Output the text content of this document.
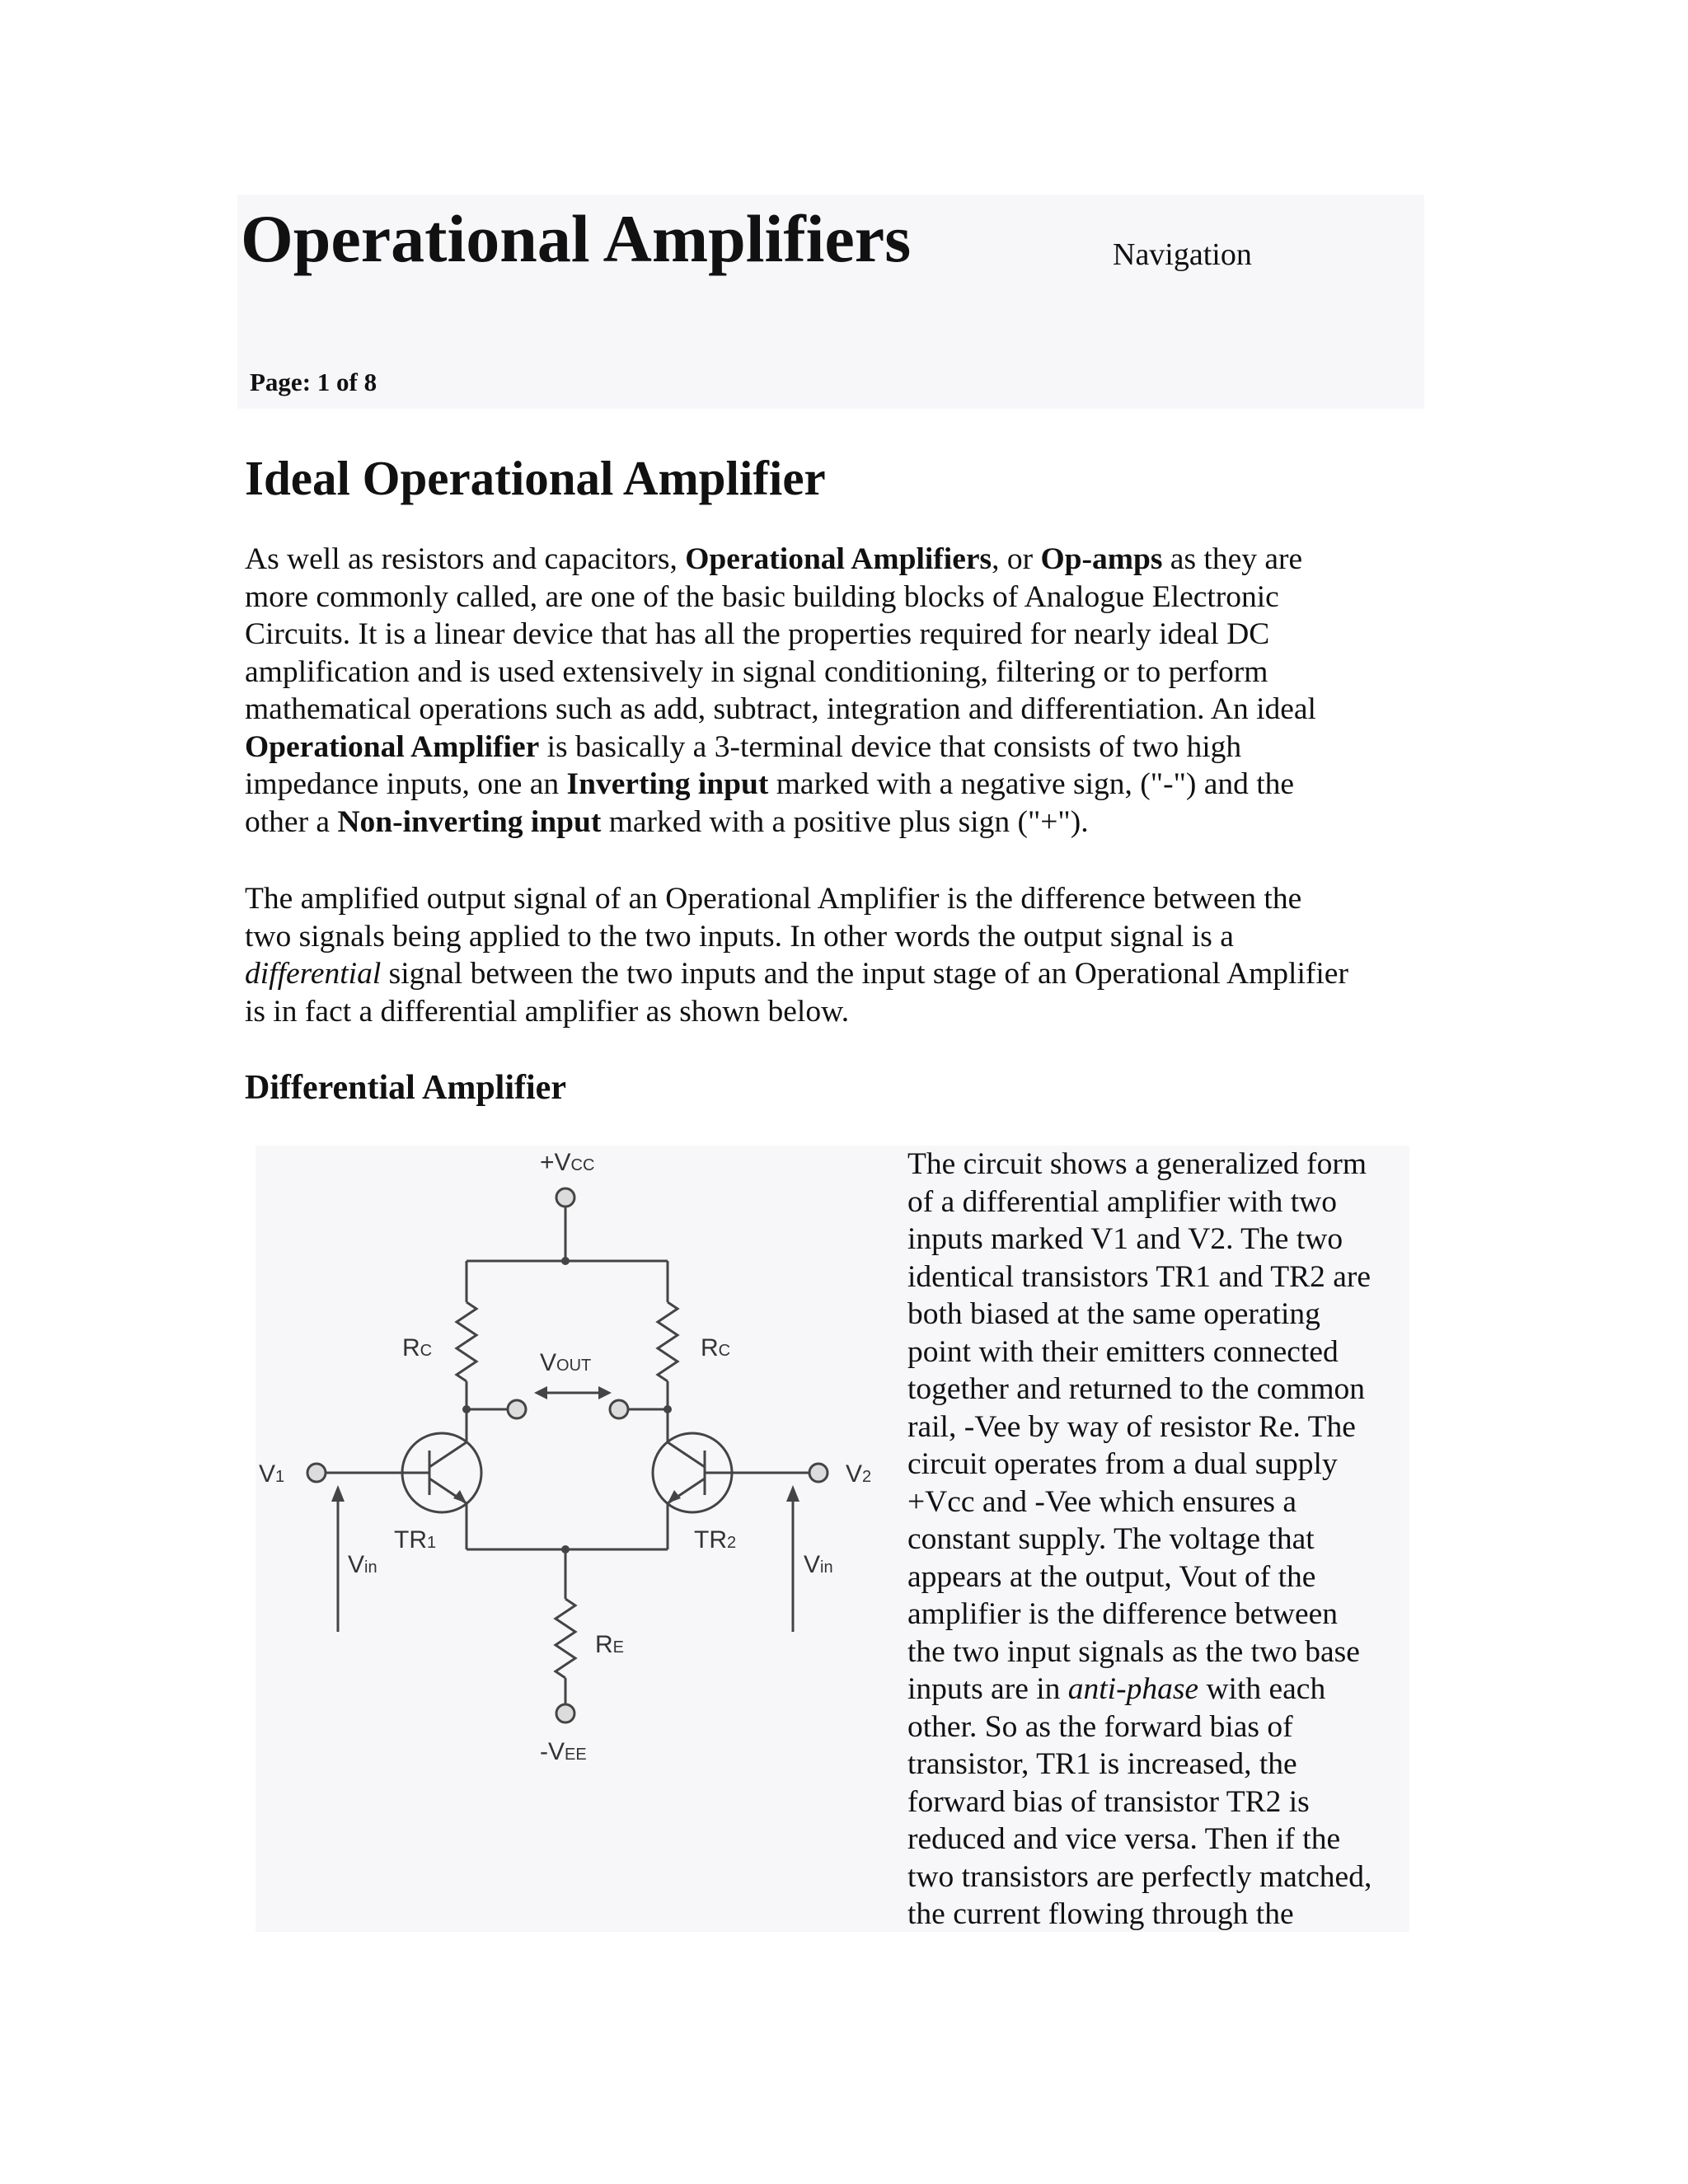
Operational Amplifiers	Navigation
Page: 1 of 8
Ideal Operational Amplifier

As well as resistors and capacitors, Operational Amplifiers, or Op-amps as they are
more commonly called, are one of the basic building blocks of Analogue Electronic
Circuits. It is a linear device that has all the properties required for nearly ideal DC
amplification and is used extensively in signal conditioning, filtering or to perform
mathematical operations such as add, subtract, integration and differentiation. An ideal
Operational Amplifier is basically a 3-terminal device that consists of two high
impedance inputs, one an Inverting input marked with a negative sign, ("-") and the
other a Non-inverting input marked with a positive plus sign ("+").

The amplified output signal of an Operational Amplifier is the difference between the
two signals being applied to the two inputs. In other words the output signal is a
differential signal between the two inputs and the input stage of an Operational Amplifier
is in fact a differential amplifier as shown below.

Differential Amplifier
+VCC
-VEE
RC	RC
VOUT
V1	V2
TR1	TR2
Vin	Vin
RE

The circuit shows a generalized form
of a differential amplifier with two
inputs marked V1 and V2. The two
identical transistors TR1 and TR2 are
both biased at the same operating
point with their emitters connected
together and returned to the common
rail, -Vee by way of resistor Re. The
circuit operates from a dual supply
+Vcc and -Vee which ensures a
constant supply. The voltage that
appears at the output, Vout of the
amplifier is the difference between
the two input signals as the two base
inputs are in anti-phase with each
other. So as the forward bias of
transistor, TR1 is increased, the
forward bias of transistor TR2 is
reduced and vice versa. Then if the
two transistors are perfectly matched,
the current flowing through the
